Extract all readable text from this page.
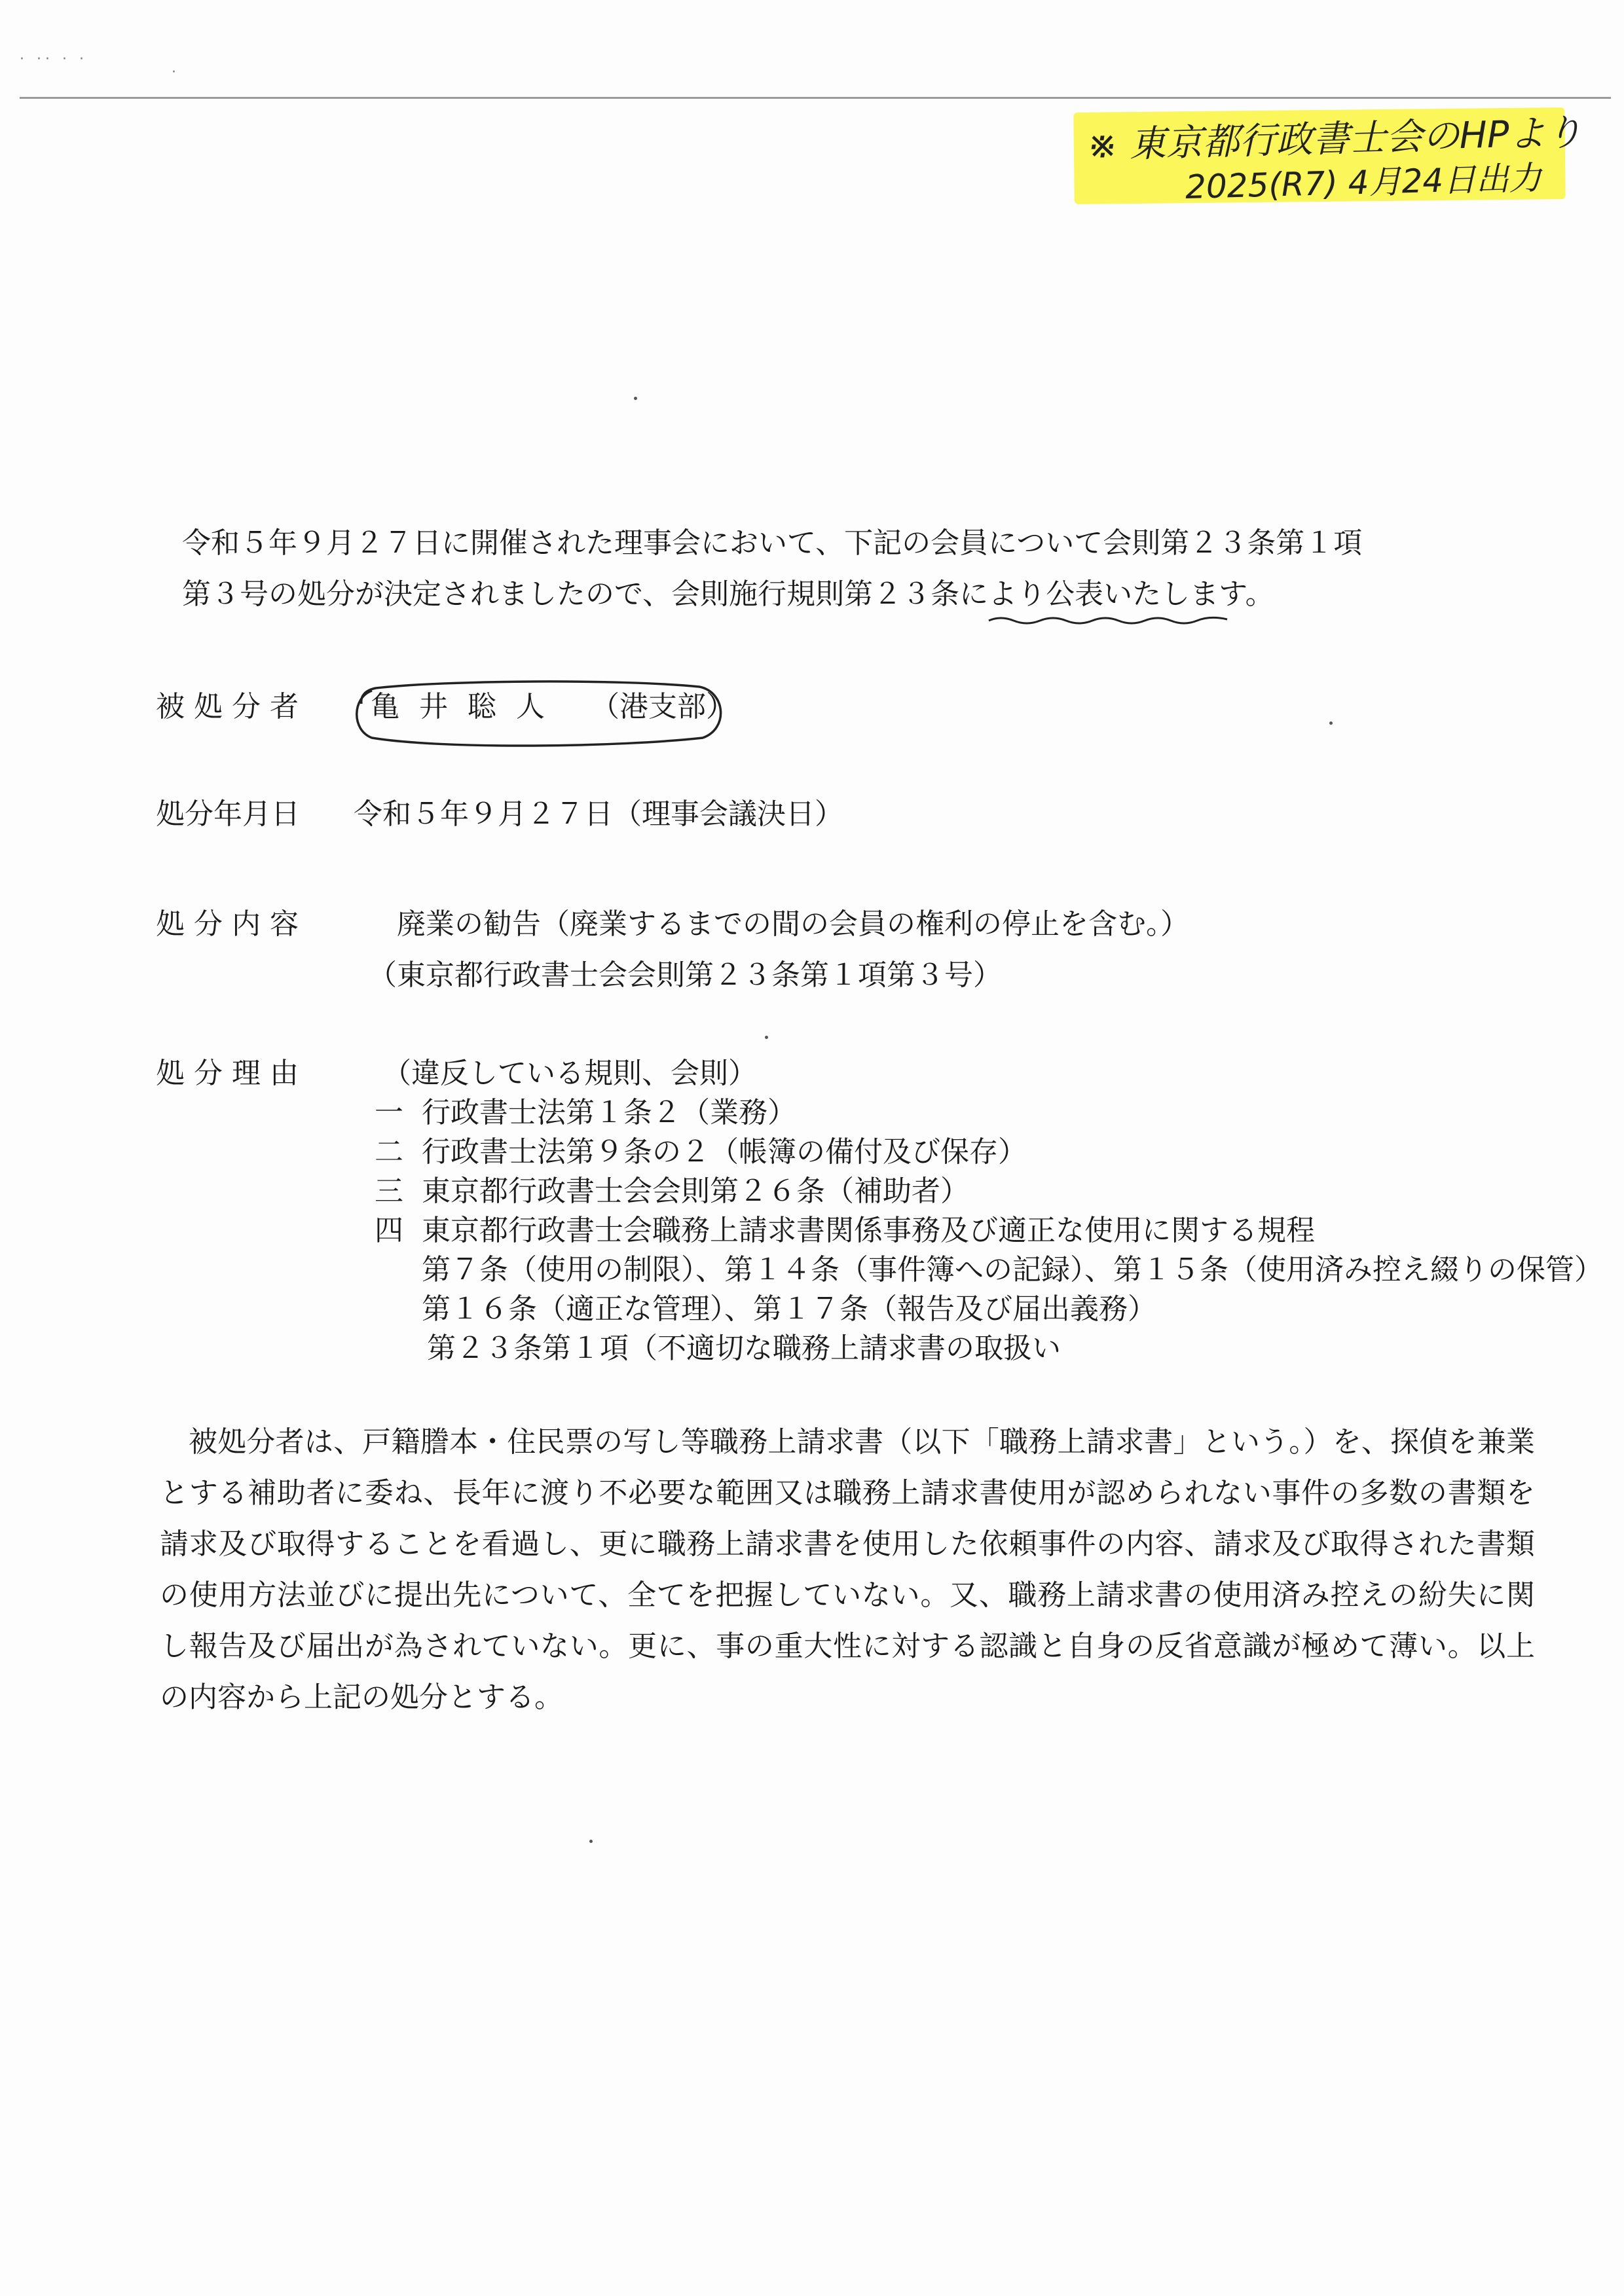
· ·· · ·
·
※ 東京都行政書士会のHPより
2025(R7) 4月24日出力
令和５年９月２７日に開催された理事会において、下記の会員について会則第２３条第１項
第３号の処分が決定されましたので、会則施行規則第２３条により公表いたします。
被処分者 亀井聡人 （港支部）
処分年月日 令和５年９月２７日（理事会議決日）
処分内容	廃業の勧告（廃業するまでの間の会員の権利の停止を含む。）
（東京都行政書士会会則第２３条第１項第３号）
処分理由	（違反している規則、会則）
一 行政書士法第１条２（業務）
二 行政書士法第９条の２（帳簿の備付及び保存）
三 東京都行政書士会会則第２６条（補助者）
四 東京都行政書士会職務上請求書関係事務及び適正な使用に関する規程
第７条（使用の制限）、第１４条（事件簿への記録）、第１５条（使用済み控え綴りの保管）
第１６条（適正な管理）、第１７条（報告及び届出義務）
第２３条第１項（不適切な職務上請求書の取扱い
被処分者は、戸籍謄本・住民票の写し等職務上請求書（以下「職務上請求書」という。）を、探偵を兼業とする補助者に委ね、長年に渡り不必要な範囲又は職務上請求書使用が認められない事件の多数の書類を請求及び取得することを看過し、更に職務上請求書を使用した依頼事件の内容、請求及び取得された書類の使用方法並びに提出先について、全てを把握していない。又、職務上請求書の使用済み控えの紛失に関し報告及び届出が為されていない。更に、事の重大性に対する認識と自身の反省意識が極めて薄い。以上の内容から上記の処分とする。
